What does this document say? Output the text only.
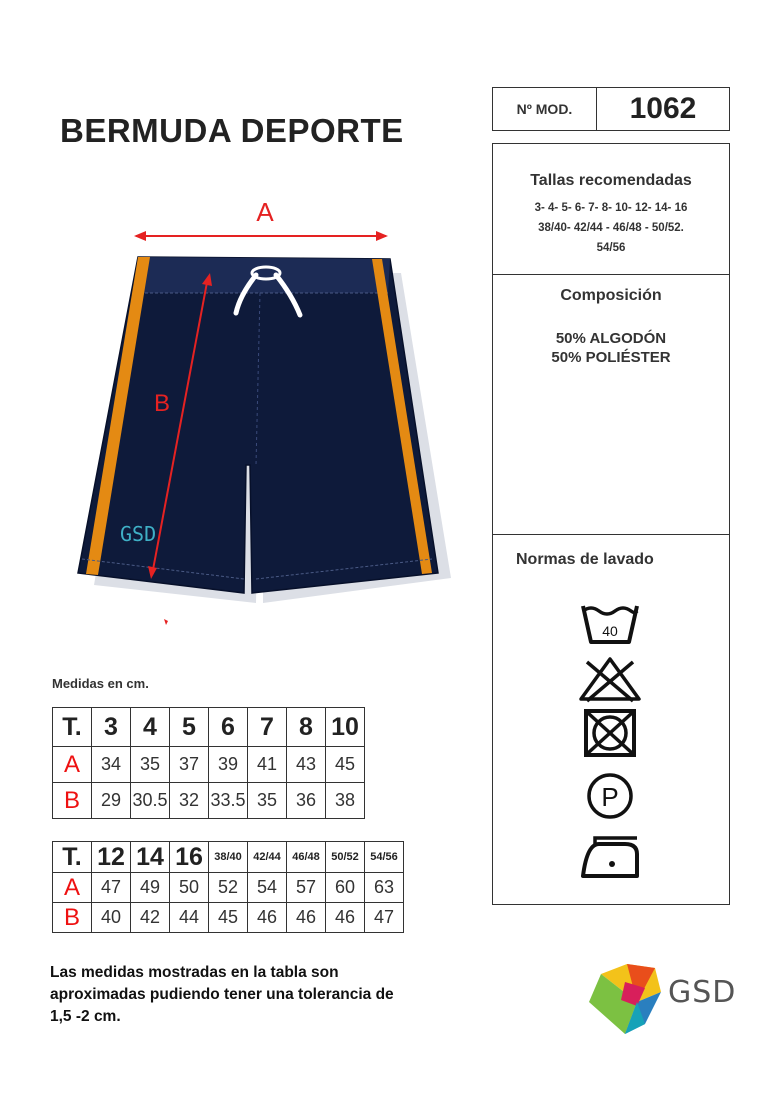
BERMUDA DEPORTE
Nº MOD.	1062
Tallas recomendadas
3- 4- 5- 6- 7- 8- 10- 12- 14- 16
38/40- 42/44 - 46/48 - 50/52.
54/56
Composición
50% ALGODÓN
50% POLIÉSTER
Normas de lavado
40
P
A
B
GSD
Medidas en cm.
T.	3	4	5	6	7	8	10
A	34	35	37	39	41	43	45
B	29	30.5	32	33.5	35	36	38
T.	12	14	16	38/40	42/44	46/48	50/52	54/56
A	47	49	50	52	54	57	60	63
B	40	42	44	45	46	46	46	47
Las medidas mostradas en la tabla son
aproximadas pudiendo tener una tolerancia de
1,5 -2 cm.
GSD
